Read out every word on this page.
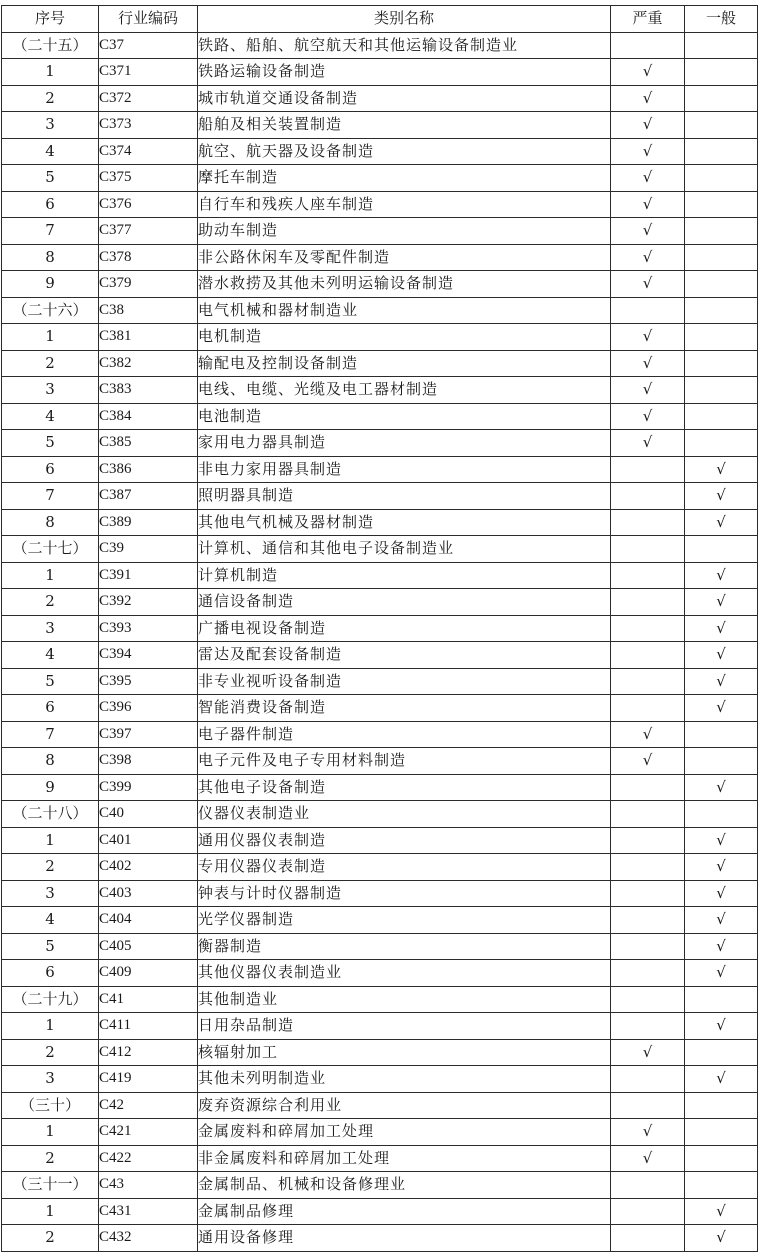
序号	行业编码	类别名称	严重	一般
（二十五）	C37	铁路、船舶、航空航天和其他运输设备制造业		
1	C371	铁路运输设备制造	√	
2	C372	城市轨道交通设备制造	√	
3	C373	船舶及相关装置制造	√	
4	C374	航空、航天器及设备制造	√	
5	C375	摩托车制造	√	
6	C376	自行车和残疾人座车制造	√	
7	C377	助动车制造	√	
8	C378	非公路休闲车及零配件制造	√	
9	C379	潜水救捞及其他未列明运输设备制造	√	
（二十六）	C38	电气机械和器材制造业		
1	C381	电机制造	√	
2	C382	输配电及控制设备制造	√	
3	C383	电线、电缆、光缆及电工器材制造	√	
4	C384	电池制造	√	
5	C385	家用电力器具制造	√	
6	C386	非电力家用器具制造		√
7	C387	照明器具制造		√
8	C389	其他电气机械及器材制造		√
（二十七）	C39	计算机、通信和其他电子设备制造业		
1	C391	计算机制造		√
2	C392	通信设备制造		√
3	C393	广播电视设备制造		√
4	C394	雷达及配套设备制造		√
5	C395	非专业视听设备制造		√
6	C396	智能消费设备制造		√
7	C397	电子器件制造	√	
8	C398	电子元件及电子专用材料制造	√	
9	C399	其他电子设备制造		√
（二十八）	C40	仪器仪表制造业		
1	C401	通用仪器仪表制造		√
2	C402	专用仪器仪表制造		√
3	C403	钟表与计时仪器制造		√
4	C404	光学仪器制造		√
5	C405	衡器制造		√
6	C409	其他仪器仪表制造业		√
（二十九）	C41	其他制造业		
1	C411	日用杂品制造		√
2	C412	核辐射加工	√	
3	C419	其他未列明制造业		√
（三十）	C42	废弃资源综合利用业		
1	C421	金属废料和碎屑加工处理	√	
2	C422	非金属废料和碎屑加工处理	√	
（三十一）	C43	金属制品、机械和设备修理业		
1	C431	金属制品修理		√
2	C432	通用设备修理		√
